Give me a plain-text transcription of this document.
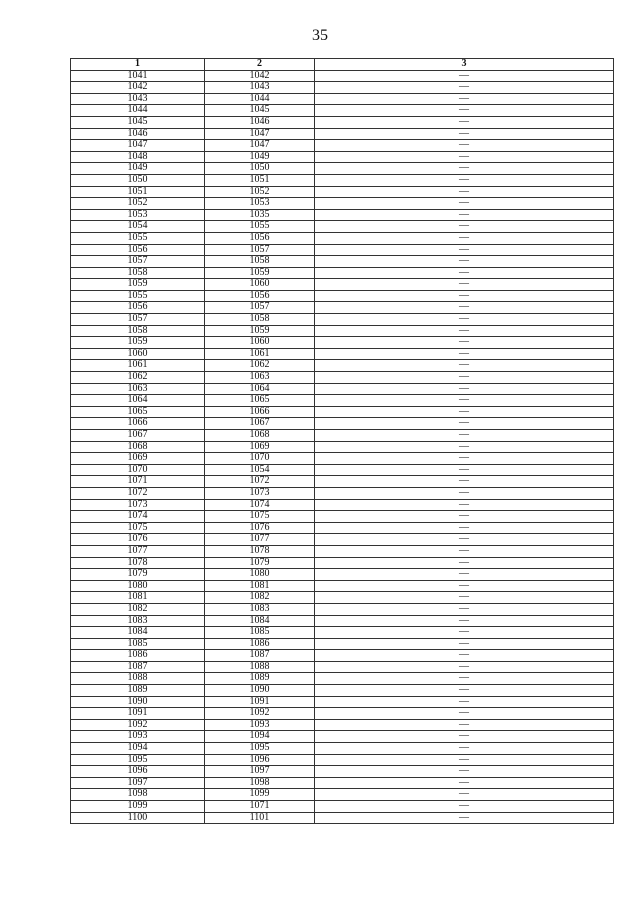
35
1	2	3
1041	1042	—
1042	1043	—
1043	1044	—
1044	1045	—
1045	1046	—
1046	1047	—
1047	1047	—
1048	1049	—
1049	1050	—
1050	1051	—
1051	1052	—
1052	1053	—
1053	1035	—
1054	1055	—
1055	1056	—
1056	1057	—
1057	1058	—
1058	1059	—
1059	1060	—
1055	1056	—
1056	1057	—
1057	1058	—
1058	1059	—
1059	1060	—
1060	1061	—
1061	1062	—
1062	1063	—
1063	1064	—
1064	1065	—
1065	1066	—
1066	1067	—
1067	1068	—
1068	1069	—
1069	1070	—
1070	1054	—
1071	1072	—
1072	1073	—
1073	1074	—
1074	1075	—
1075	1076	—
1076	1077	—
1077	1078	—
1078	1079	—
1079	1080	—
1080	1081	—
1081	1082	—
1082	1083	—
1083	1084	—
1084	1085	—
1085	1086	—
1086	1087	—
1087	1088	—
1088	1089	—
1089	1090	—
1090	1091	—
1091	1092	—
1092	1093	—
1093	1094	—
1094	1095	—
1095	1096	—
1096	1097	—
1097	1098	—
1098	1099	—
1099	1071	—
1100	1101	—
